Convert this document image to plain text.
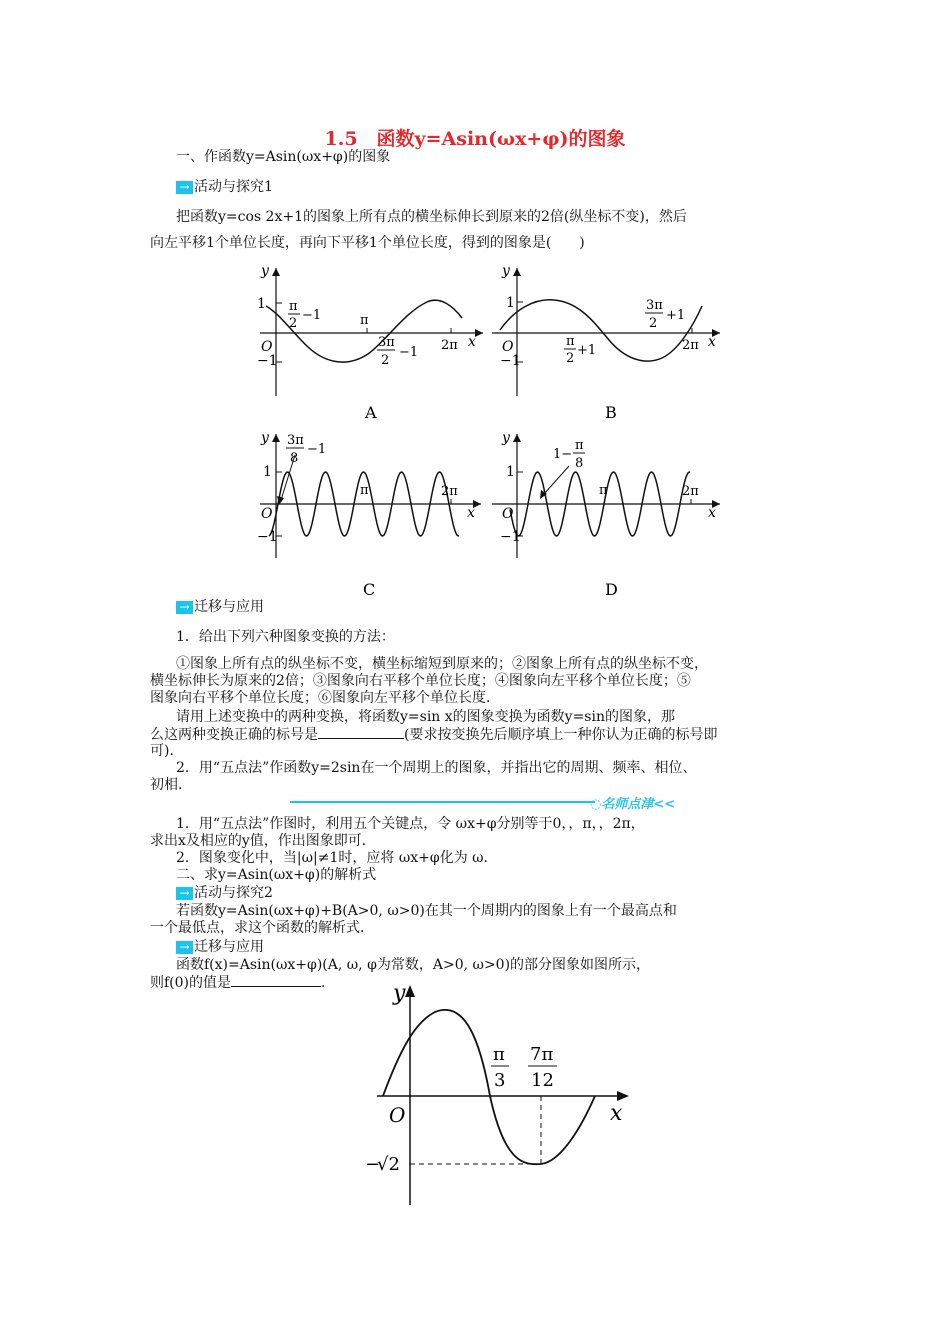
1.5　函数y=Asin(ωx+φ)的图象
一、作函数y=Asin(ωx+φ)的图象
→ 活动与探究1
把函数y=cos 2x+1的图象上所有点的横坐标伸长到原来的2倍(纵坐标不变)，然后
向左平移1个单位长度，再向下平移1个单位长度，得到的图象是(　　)
y
x
1
−1
O
π
2
−1	π
3π
2
−1 2π
A
y
x
1
−1
O	π
2
+1
3π
2
+1
2π
B
y
x
1
−1
O
3π
8
−1
π	2π
C
y
x
1
−1
O
1−
π
8
π	2π
D
→ 迁移与应用
1．给出下列六种图象变换的方法：
①图象上所有点的纵坐标不变，横坐标缩短到原来的；②图象上所有点的纵坐标不变，
横坐标伸长为原来的2倍；③图象向右平移个单位长度；④图象向左平移个单位长度；⑤
图象向右平移个单位长度；⑥图象向左平移个单位长度．
请用上述变换中的两种变换，将函数y=sin x的图象变换为函数y=sin的图象，那
么这两种变换正确的标号是	(要求按变换先后顺序填上一种你认为正确的标号即
可)．
2．用“五点法”作函数y=2sin在一个周期上的图象，并指出它的周期、频率、相位、
初相．
◌名师点津<<
1．用“五点法”作图时，利用五个关键点，令 ωx+φ分别等于0，，π，，2π，
求出x及相应的y值，作出图象即可．
2．图象变化中，当|ω|≠1时，应将 ωx+φ化为 ω．
二、求y=Asin(ωx+φ)的解析式
→ 活动与探究2
若函数y=Asin(ωx+φ)+B(A>0, ω>0)在其一个周期内的图象上有一个最高点和
一个最低点，求这个函数的解析式．
→ 迁移与应用
函数f(x)=Asin(ωx+φ)(A, ω, φ为常数，A>0, ω>0)的部分图象如图所示，
则f(0)的值是	．	y
x
O
π
3
7π
12
−
√2
